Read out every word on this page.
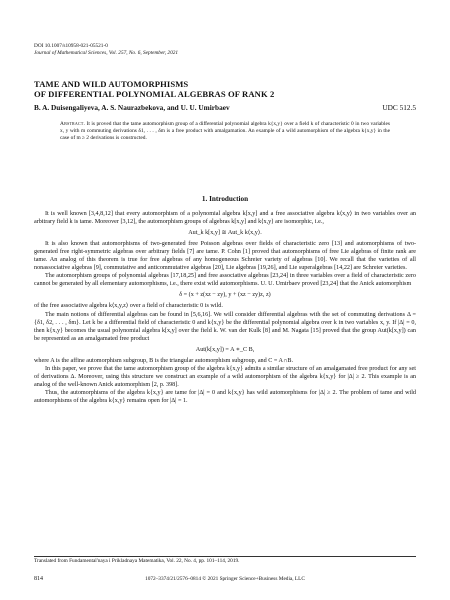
DOI 10.1007/s10958-021-05521-0
Journal of Mathematical Sciences, Vol. 257, No. 6, September, 2021
TAME AND WILD AUTOMORPHISMS
OF DIFFERENTIAL POLYNOMIAL ALGEBRAS OF RANK 2
B. A. Duisengaliyeva, A. S. Naurazbekova, and U. U. Umirbaev	UDC 512.5
Abstract. It is proved that the tame automorphism group of a differential polynomial algebra k{x,y} over a field k of characteristic 0 in two variables x, y with m commuting derivations δ1, . . . , δm is a free product with amalgamation. An example of a wild automorphism of the algebra k{x,y} in the case of m ≥ 2 derivations is constructed.
1. Introduction

It is well known [3,4,8,12] that every automorphism of a polynomial algebra k[x,y] and a free associative algebra k⟨x,y⟩ in two variables over an arbitrary field k is tame. Moreover [3,12], the automorphism groups of algebras k[x,y] and k⟨x,y⟩ are isomorphic, i.e.,

Aut_k k[x,y] ≅ Aut_k k⟨x,y⟩.

It is also known that automorphisms of two-generated free Poisson algebras over fields of characteristic zero [13] and automorphisms of two-generated free right-symmetric algebras over arbitrary fields [7] are tame. P. Cohn [1] proved that automorphisms of free Lie algebras of finite rank are tame. An analog of this theorem is true for free algebras of any homogeneous Schreier variety of algebras [10]. We recall that the varieties of all nonassociative algebras [9], commutative and anticommutative algebras [20], Lie algebras [19,26], and Lie superalgebras [14,22] are Schreier varieties.

The automorphism groups of polynomial algebras [17,18,25] and free associative algebras [23,24] in three variables over a field of characteristic zero cannot be generated by all elementary automorphisms, i.e., there exist wild automorphisms. U. U. Umirbaev proved [23,24] that the Anick automorphism

δ = (x + z(xz − zy), y + (xz − zy)z, z)

of the free associative algebra k⟨x,y,z⟩ over a field of characteristic 0 is wild.

The main notions of differential algebras can be found in [5,6,16]. We will consider differential algebras with the set of commuting derivations Δ = {δ1, δ2, . . . , δm}. Let k be a differential field of characteristic 0 and k{x,y} be the differential polynomial algebra over k in two variables x, y. If |Δ| = 0, then k{x,y} becomes the usual polynomial algebra k[x,y] over the field k. W. van der Kulk [8] and M. Nagata [15] proved that the group Aut(k[x,y]) can be represented as an amalgamated free product

Aut(k[x,y]) = A ∗_C B,

where A is the affine automorphism subgroup, B is the triangular automorphism subgroup, and C = A∩B.

In this paper, we prove that the tame automorphism group of the algebra k{x,y} admits a similar structure of an amalgamated free product for any set of derivations Δ. Moreover, using this structure we construct an example of a wild automorphism of the algebra k{x,y} for |Δ| ≥ 2. This example is an analog of the well-known Anick automorphism [2, p. 398].

Thus, the automorphisms of the algebra k{x,y} are tame for |Δ| = 0 and k{x,y} has wild automorphisms for |Δ| ≥ 2. The problem of tame and wild automorphisms of the algebra k{x,y} remains open for |Δ| = 1.

Translated from Fundamental'naya i Prikladnaya Matematika, Vol. 22, No. 4, pp. 101–114, 2019.
814	1072–3374/21/2576–0814 © 2021 Springer Science+Business Media, LLC
